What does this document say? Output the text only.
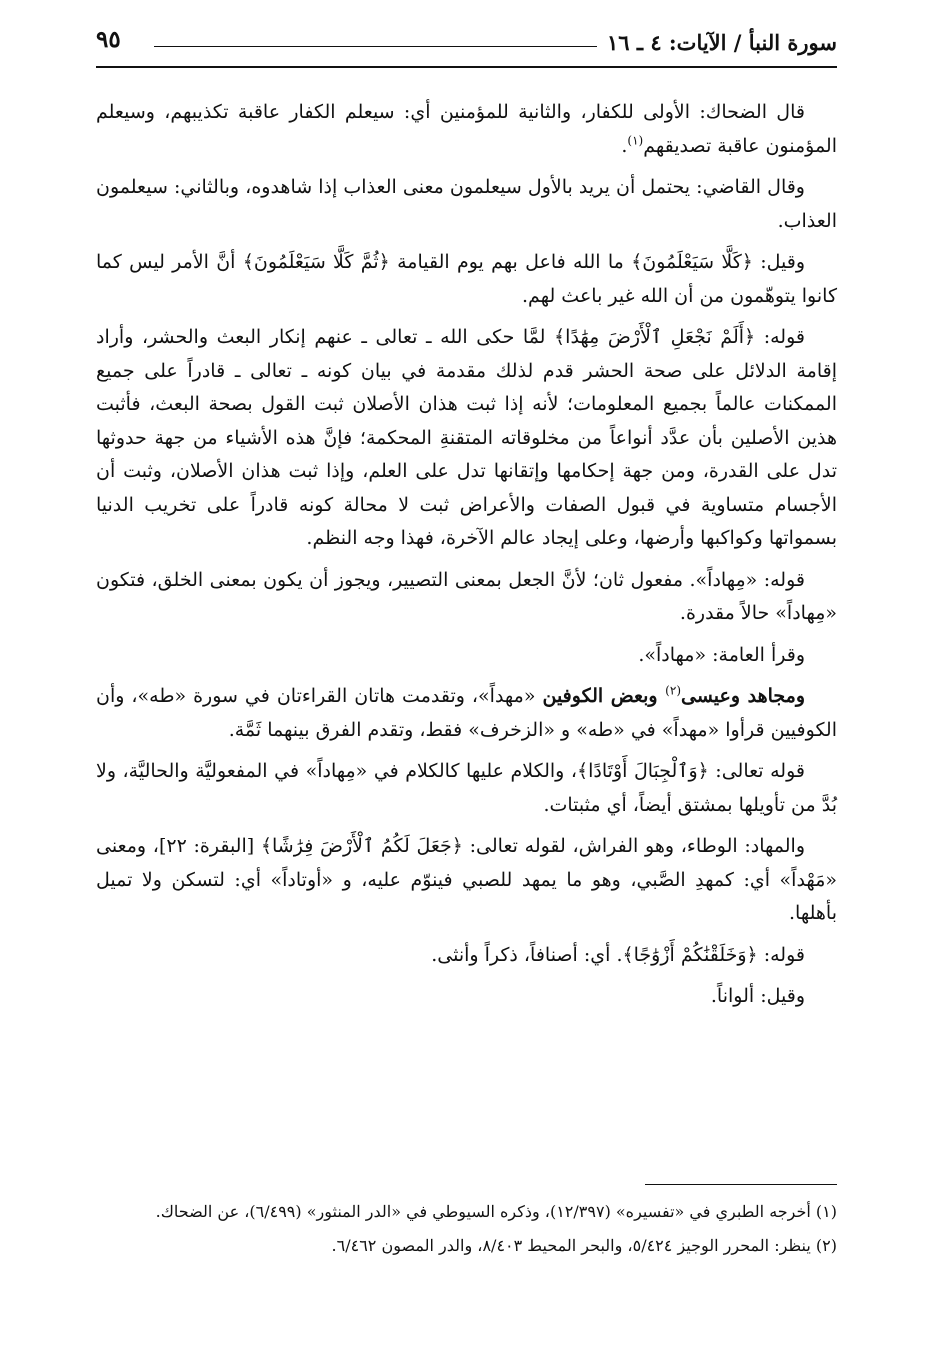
سورة النبأ / الآيات: ٤ ـ ١٦
٩٥

قال الضحاك: الأولى للكفار، والثانية للمؤمنين أي: سيعلم الكفار عاقبة تكذيبهم، وسيعلم المؤمنون عاقبة تصديقهم$^{(١)}$.

وقال القاضي: يحتمل أن يريد بالأول سيعلمون معنى العذاب إذا شاهدوه، وبالثاني: سيعلمون العذاب.

وقيل: ﴿كَلَّا سَيَعْلَمُونَ﴾ ما الله فاعل بهم يوم القيامة ﴿ثُمَّ كَلَّا سَيَعْلَمُونَ﴾ أنَّ الأمر ليس كما كانوا يتوهّمون من أن الله غير باعث لهم.

قوله: ﴿أَلَمْ نَجْعَلِ ٱلْأَرْضَ مِهَٰدًا﴾ لمَّا حكى الله ـ تعالى ـ عنهم إنكار البعث والحشر، وأراد إقامة الدلائل على صحة الحشر قدم لذلك مقدمة في بيان كونه ـ تعالى ـ قادراً على جميع الممكنات عالماً بجميع المعلومات؛ لأنه إذا ثبت هذان الأصلان ثبت القول بصحة البعث، فأثبت هذين الأصلين بأن عدَّد أنواعاً من مخلوقاته المتقنةِ المحكمة؛ فإنَّ هذه الأشياء من جهة حدوثها تدل على القدرة، ومن جهة إحكامها وإتقانها تدل على العلم، وإذا ثبت هذان الأصلان، وثبت أن الأجسام متساوية في قبول الصفات والأعراض ثبت لا محالة كونه قادراً على تخريب الدنيا بسمواتها وكواكبها وأرضها، وعلى إيجاد عالم الآخرة، فهذا وجه النظم.

قوله: «مِهاداً». مفعول ثان؛ لأنَّ الجعل بمعنى التصيير، ويجوز أن يكون بمعنى الخلق، فتكون «مِهاداً» حالاً مقدرة.

وقرأ العامة: «مهاداً».

ومجاهد وعيسى$^{(٢)}$ وبعض الكوفين «مهداً»، وتقدمت هاتان القراءتان في سورة «طه»، وأن الكوفيين قرأوا «مهداً» في «طه» و «الزخرف» فقط، وتقدم الفرق بينهما ثَمَّة.

قوله تعالى: ﴿وَٱلْجِبَالَ أَوْتَادًا﴾، والكلام عليها كالكلام في «مِهاداً» في المفعوليَّة والحاليَّة، ولا بُدَّ من تأويلها بمشتق أيضاً، أي مثبتات.

والمهاد: الوطاء، وهو الفراش، لقوله تعالى: ﴿جَعَلَ لَكُمُ ٱلْأَرْضَ فِرَٰشًا﴾ [البقرة: ٢٢]، ومعنى «مَهْداً» أي: كمهدِ الصَّبي، وهو ما يمهد للصبي فينوّم عليه، و «أوتاداً» أي: لتسكن ولا تميل بأهلها.

قوله: ﴿وَخَلَقْنَٰكُمْ أَزْوَٰجًا﴾. أي: أصنافاً، ذكراً وأنثى.

وقيل: ألواناً.

(١) أخرجه الطبري في «تفسيره» (١٢/٣٩٧)، وذكره السيوطي في «الدر المنثور» (٦/٤٩٩)، عن الضحاك.

(٢) ينظر: المحرر الوجيز ٥/٤٢٤، والبحر المحيط ٨/٤٠٣، والدر المصون ٦/٤٦٢.
